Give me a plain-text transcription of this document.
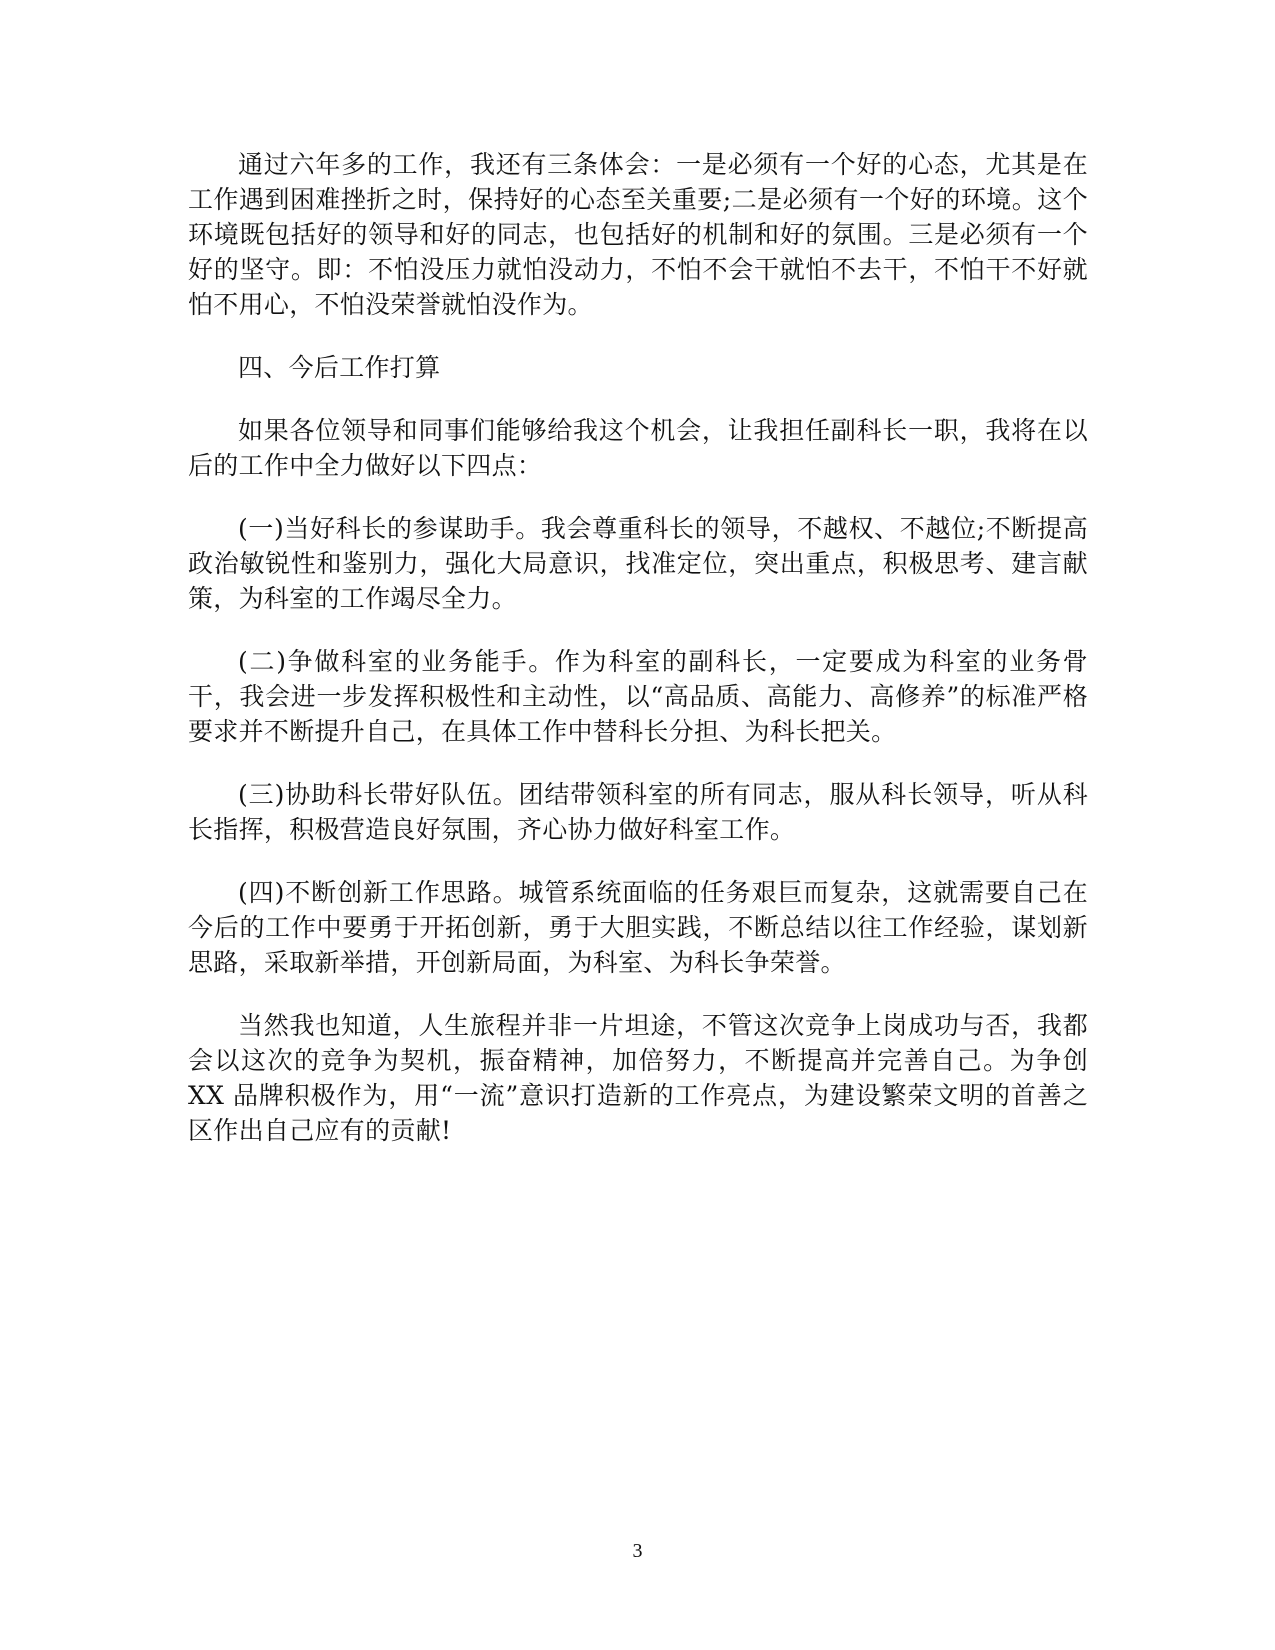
通过六年多的工作，我还有三条体会：一是必须有一个好的心态，尤其是在工作遇到困难挫折之时，保持好的心态至关重要;二是必须有一个好的环境。这个环境既包括好的领导和好的同志，也包括好的机制和好的氛围。三是必须有一个好的坚守。即：不怕没压力就怕没动力，不怕不会干就怕不去干，不怕干不好就怕不用心，不怕没荣誉就怕没作为。

四、今后工作打算

如果各位领导和同事们能够给我这个机会，让我担任副科长一职，我将在以后的工作中全力做好以下四点：

(一)当好科长的参谋助手。我会尊重科长的领导，不越权、不越位;不断提高政治敏锐性和鉴别力，强化大局意识，找准定位，突出重点，积极思考、建言献策，为科室的工作竭尽全力。

(二)争做科室的业务能手。作为科室的副科长，一定要成为科室的业务骨干，我会进一步发挥积极性和主动性，以“高品质、高能力、高修养”的标准严格要求并不断提升自己，在具体工作中替科长分担、为科长把关。

(三)协助科长带好队伍。团结带领科室的所有同志，服从科长领导，听从科长指挥，积极营造良好氛围，齐心协力做好科室工作。

(四)不断创新工作思路。城管系统面临的任务艰巨而复杂，这就需要自己在今后的工作中要勇于开拓创新，勇于大胆实践，不断总结以往工作经验，谋划新思路，采取新举措，开创新局面，为科室、为科长争荣誉。

当然我也知道，人生旅程并非一片坦途，不管这次竞争上岗成功与否，我都会以这次的竞争为契机，振奋精神，加倍努力，不断提高并完善自己。为争创 XX 品牌积极作为，用“一流”意识打造新的工作亮点，为建设繁荣文明的首善之区作出自己应有的贡献!

3
